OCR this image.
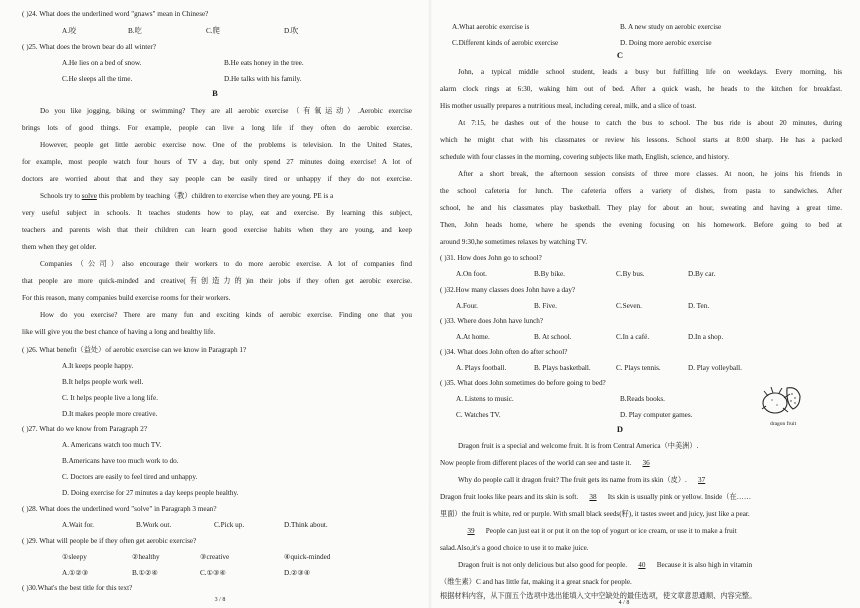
( )24. What does the underlined word "gnaws" mean in Chinese?
A.咬	B.吃	C.爬	D.吹
( )25. What does the brown bear do all winter?
A.He lies on a bed of snow.	B.He eats honey in the tree.
C.He sleeps all the time.	D.He talks with his family.
B
Do you like jogging, biking or swimming? They are all aerobic exercise（有氧运动）.Aerobic exercise
brings lots of good things. For example, people can live a long life if they often do aerobic exercise.
However, people get little aerobic exercise now. One of the problems is television. In the United States,
for example, most people watch four hours of TV a day, but only spend 27 minutes doing exercise! A lot of
doctors are worried about that and they say people can be easily tired or unhappy if they do not exercise.
Schools try to solve this problem by teaching（教）children to exercise when they are young. PE is a
very useful subject in schools. It teaches students how to play, eat and exercise. By learning this subject,
teachers and parents wish that their children can learn good exercise habits when they are young, and keep
them when they get older.
Companies（公司）also encourage their workers to do more aerobic exercise. A lot of companies find
that people are more quick-minded and creative(有创造力的)in their jobs if they often get aerobic exercise.
For this reason, many companies build exercise rooms for their workers.
How do you exercise? There are many fun and exciting kinds of aerobic exercise. Finding one that you
like will give you the best chance of having a long and healthy life.
( )26. What benefit（益处）of aerobic exercise can we know in Paragraph 1?
A.It keeps people happy.
B.It helps people work well.
C. It helps people live a long life.
D.It makes people more creative.
( )27. What do we know from Paragraph 2?
A. Americans watch too much TV.
B.Americans have too much work to do.
C. Doctors are easily to feel tired and unhappy.
D. Doing exercise for 27 minutes a day keeps people healthy.
( )28. What does the underlined word "solve" in Paragraph 3 mean?
A.Wait for.	B.Work out.	C.Pick up.	D.Think about.
( )29. What will people be if they often get aerobic exercise?
①sleepy	②healthy	③creative	④quick-minded
A.①②③	B.①②④	C.①③④	D.②③④
( )30.What's the best title for this text?
3 / 8
A.What aerobic exercise is	B. A new study on aerobic exercise
C.Different kinds of aerobic exercise	D. Doing more aerobic exercise
C
John, a typical middle school student, leads a busy but fulfilling life on weekdays. Every morning, his
alarm clock rings at 6:30, waking him out of bed. After a quick wash, he heads to the kitchen for breakfast.
His mother usually prepares a nutritious meal, including cereal, milk, and a slice of toast.
At 7:15, he dashes out of the house to catch the bus to school. The bus ride is about 20 minutes, during
which he might chat with his classmates or review his lessons. School starts at 8:00 sharp. He has a packed
schedule with four classes in the morning, covering subjects like math, English, science, and history.
After a short break, the afternoon session consists of three more classes. At noon, he joins his friends in
the school cafeteria for lunch. The cafeteria offers a variety of dishes, from pasta to sandwiches. After
school, he and his classmates play basketball. They play for about an hour, sweating and having a great time.
Then, John heads home, where he spends the evening focusing on his homework. Before going to bed at
around 9:30,he sometimes relaxes by watching TV.
( )31. How does John go to school?
A.On foot.	B.By bike.	C.By bus.	D.By car.
( )32.How many classes does John have a day?
A.Four.	B. Five.	C.Seven.	D. Ten.
( )33. Where does John have lunch?
A.At home.	B. At school.	C.In a café.	D.In a shop.
( )34. What does John often do after school?
A. Plays football.	B. Plays basketball.	C. Plays tennis.	D. Play volleyball.
( )35. What does John sometimes do before going to bed?
A. Listens to music.	B.Reads books.
C. Watches TV.	D. Play computer games.
D
Dragon fruit is a special and welcome fruit. It is from Central America（中美洲）.
Now people from different places of the world can see and taste it. 36
Why do people call it dragon fruit? The fruit gets its name from its skin（皮）. 37
Dragon fruit looks like pears and its skin is soft. 38 Its skin is usually pink or yellow. Inside（在……
里面）the fruit is white, red or purple. With small black seeds(籽), it tastes sweet and juicy, just like a pear.
39 People can just eat it or put it on the top of yogurt or ice cream, or use it to make a fruit
salad.Also,it's a good choice to use it to make juice.
Dragon fruit is not only delicious but also good for people. 40 Because it is also high in vitamin
（维生素）C and has little fat, making it a great snack for people.
根据材料内容，从下面五个选项中选出能填入文中空缺处的最佳选项，使文章意思通顺、内容完整。
4 / 8
dragon fruit
